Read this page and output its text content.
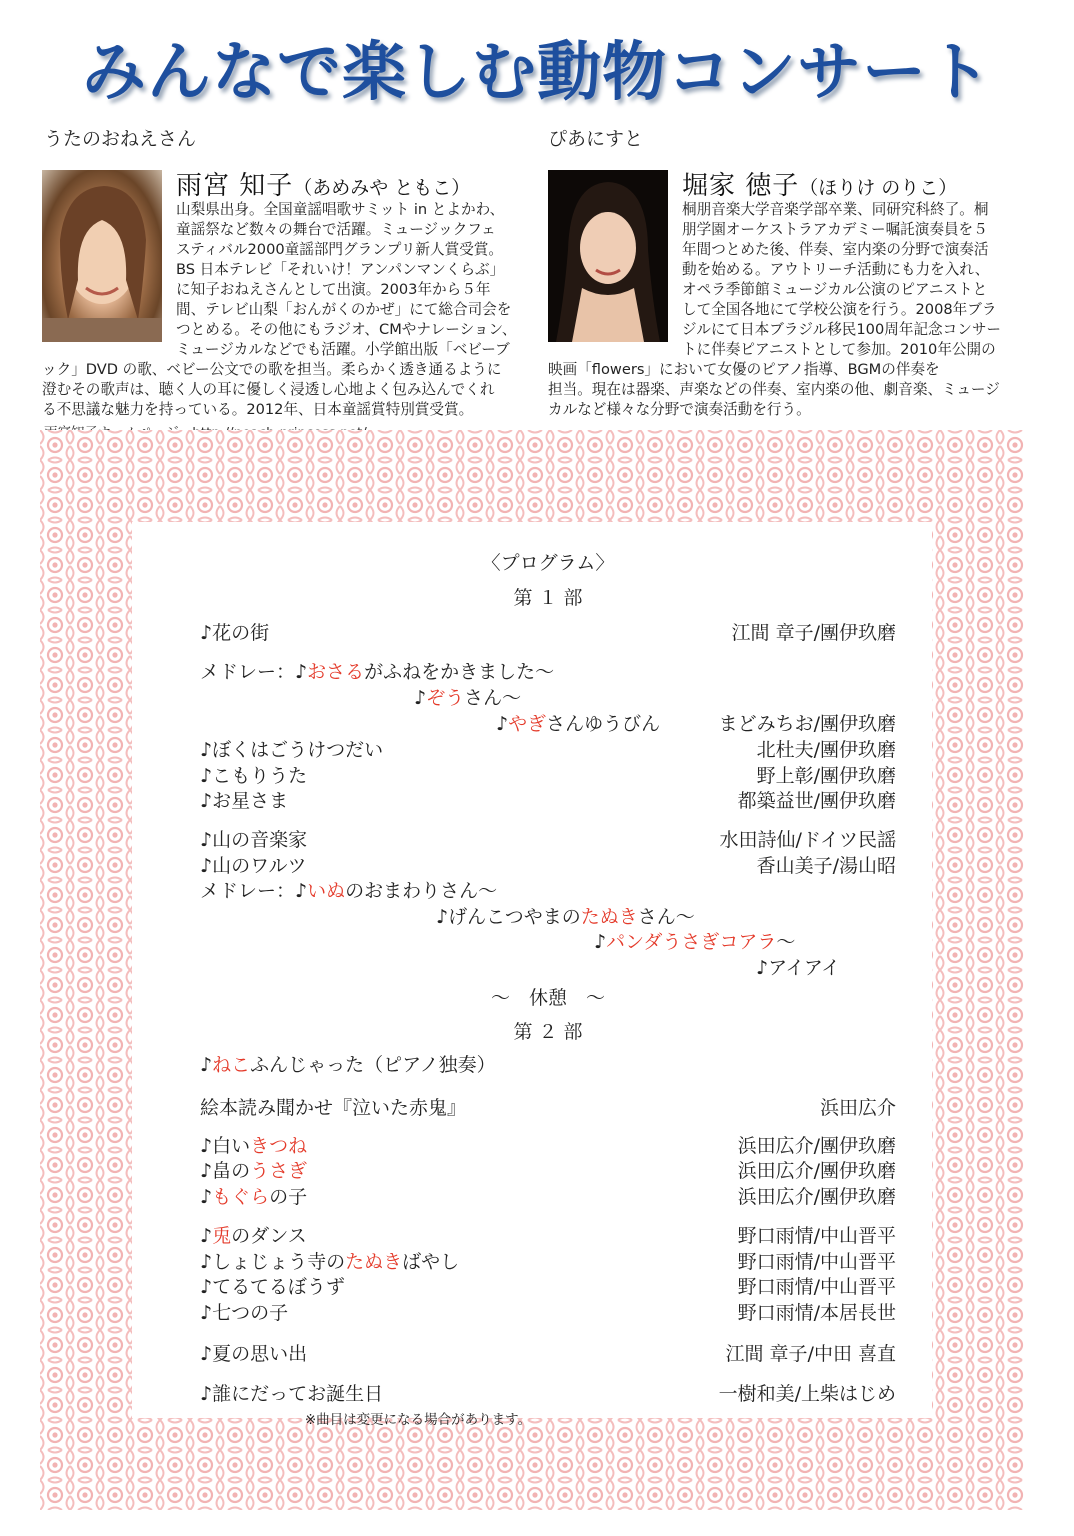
みんなで楽しむ動物コンサート
うたのおねえさん
雨宮 知子（あめみや ともこ）

山梨県出身。全国童謡唱歌サミット in とよかわ、

童謡祭など数々の舞台で活躍。ミュージックフェ

スティバル2000童謡部門グランプリ新人賞受賞。

BS 日本テレビ「それいけ！アンパンマンくらぶ」

に知子おねえさんとして出演。2003年から５年

間、テレビ山梨「おんがくのかぜ」にて総合司会を

つとめる。その他にもラジオ、CMやナレーション、

ミュージカルなどでも活躍。小学館出版「ベビーブ

ック」DVD の歌、ベビー公文での歌を担当。柔らかく透き通るように

澄むその歌声は、聴く人の耳に優しく浸透し心地よく包み込んでくれ

る不思議な魅力を持っている。2012年、日本童謡賞特別賞受賞。

ぴあにすと
堀家 徳子（ほりけ のりこ）

桐朋音楽大学音楽学部卒業、同研究科終了。桐

朋学園オーケストラアカデミー嘱託演奏員を５

年間つとめた後、伴奏、室内楽の分野で演奏活

動を始める。アウトリーチ活動にも力を入れ、

オペラ季節館ミュージカル公演のピアニストと

して全国各地にて学校公演を行う。2008年ブラ

ジルにて日本ブラジル移民100周年記念コンサー

トに伴奏ピアニストとして参加。2010年公開の

映画「flowers」において女優のピアノ指導、BGMの伴奏を

担当。現在は器楽、声楽などの伴奏、室内楽の他、劇音楽、ミュージ

カルなど様々な分野で演奏活動を行う。

〈プログラム〉
第 １ 部
♪花の街	江間 章子/團伊玖磨
メドレー：♪おさるがふねをかきました〜
♪ぞうさん〜
♪やぎさんゆうびん	まどみちお/團伊玖磨
♪ぼくはごうけつだい	北杜夫/團伊玖磨
♪こもりうた	野上彰/團伊玖磨
♪お星さま	都築益世/團伊玖磨
♪山の音楽家	水田詩仙/ドイツ民謡
♪山のワルツ	香山美子/湯山昭
メドレー：♪いぬのおまわりさん〜
♪げんこつやまのたぬきさん〜
♪パンダうさぎコアラ〜
♪アイアイ
〜　休憩　〜
第 ２ 部
♪ねこふんじゃった（ピアノ独奏）
絵本読み聞かせ『泣いた赤鬼』	浜田広介
♪白いきつね	浜田広介/團伊玖磨
♪畠のうさぎ	浜田広介/團伊玖磨
♪もぐらの子	浜田広介/團伊玖磨
♪兎のダンス	野口雨情/中山晋平
♪しょじょう寺のたぬきばやし	野口雨情/中山晋平
♪てるてるぼうず	野口雨情/中山晋平
♪七つの子	野口雨情/本居長世
♪夏の思い出	江間 章子/中田 喜直
♪誰にだってお誕生日	一樹和美/上柴はじめ
※曲目は変更になる場合があります。
